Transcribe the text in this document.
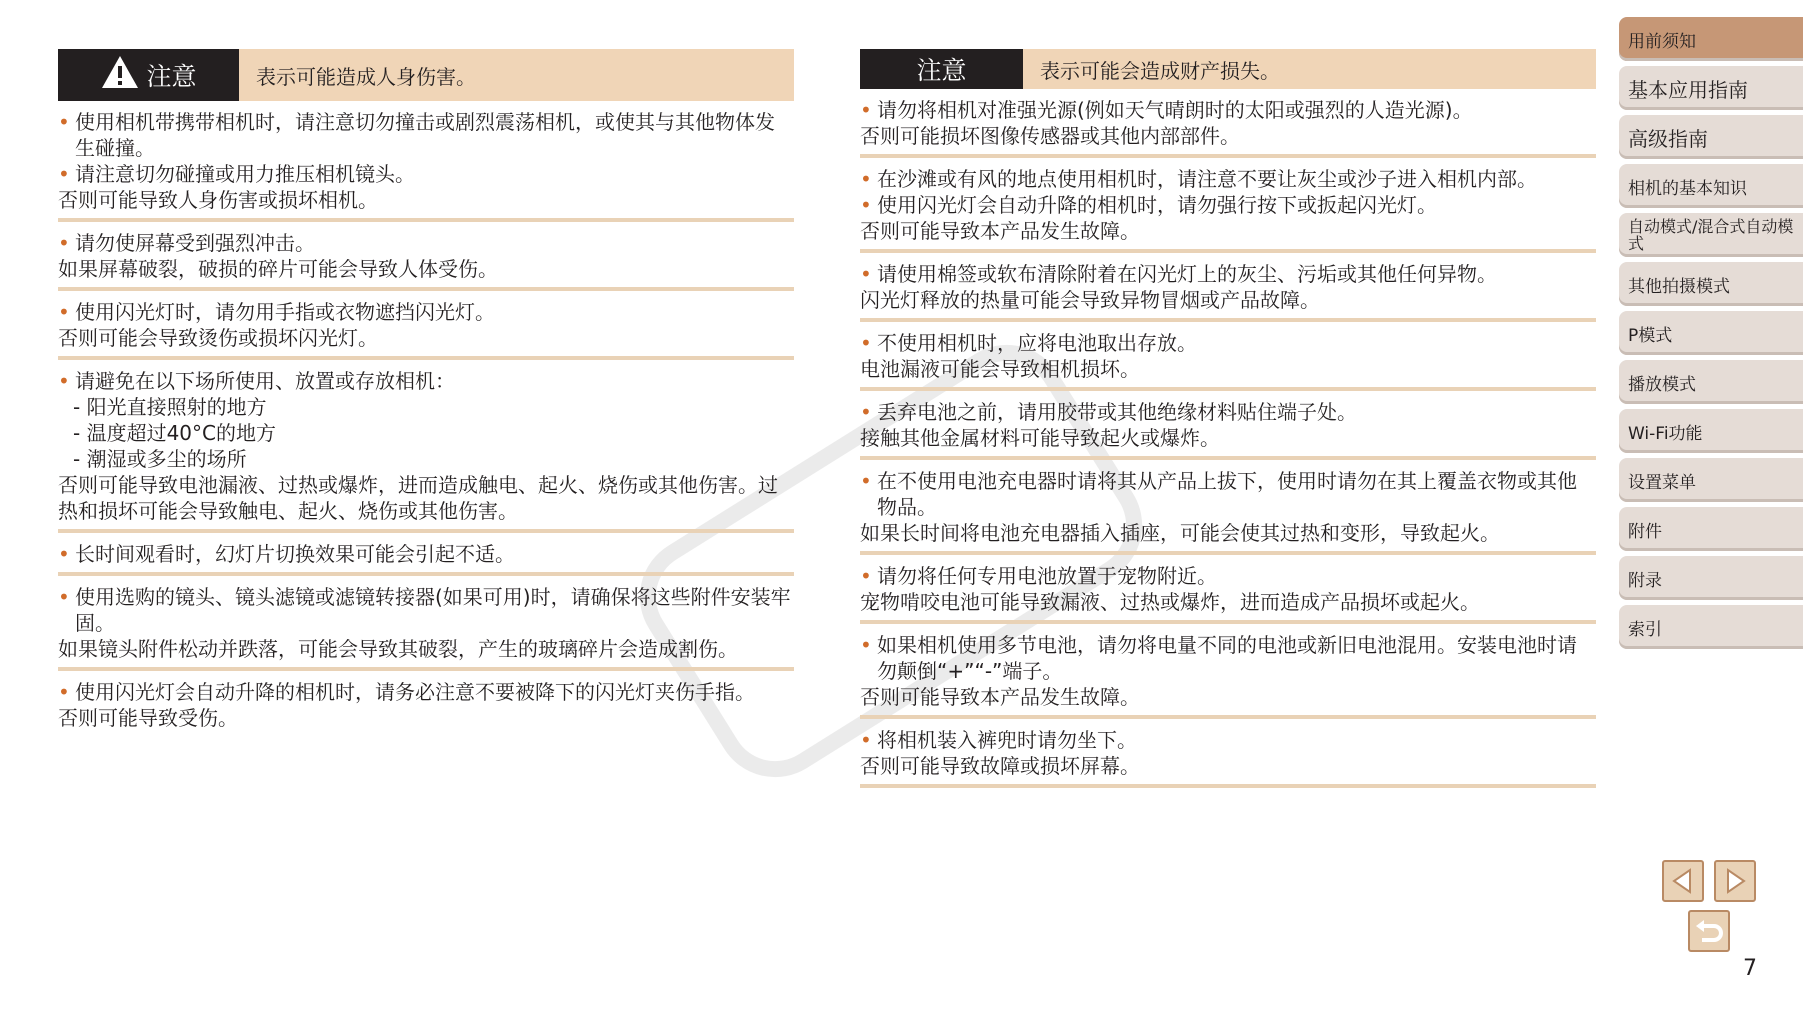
注意	表示可能造成人身伤害。
• 使用相机带携带相机时，请注意切勿撞击或剧烈震荡相机，或使其与其他物体发生碰撞。
• 请注意切勿碰撞或用力推压相机镜头。
否则可能导致人身伤害或损坏相机。
• 请勿使屏幕受到强烈冲击。
如果屏幕破裂，破损的碎片可能会导致人体受伤。
• 使用闪光灯时，请勿用手指或衣物遮挡闪光灯。
否则可能会导致烫伤或损坏闪光灯。
• 请避免在以下场所使用、放置或存放相机：
- 阳光直接照射的地方
- 温度超过40°C的地方
- 潮湿或多尘的场所
否则可能导致电池漏液、过热或爆炸，进而造成触电、起火、烧伤或其他伤害。过热和损坏可能会导致触电、起火、烧伤或其他伤害。
• 长时间观看时，幻灯片切换效果可能会引起不适。
• 使用选购的镜头、镜头滤镜或滤镜转接器(如果可用)时，请确保将这些附件安装牢固。
如果镜头附件松动并跌落，可能会导致其破裂，产生的玻璃碎片会造成割伤。
• 使用闪光灯会自动升降的相机时，请务必注意不要被降下的闪光灯夹伤手指。
否则可能导致受伤。
注意	表示可能会造成财产损失。
• 请勿将相机对准强光源(例如天气晴朗时的太阳或强烈的人造光源)。
否则可能损坏图像传感器或其他内部部件。
• 在沙滩或有风的地点使用相机时，请注意不要让灰尘或沙子进入相机内部。
• 使用闪光灯会自动升降的相机时，请勿强行按下或扳起闪光灯。
否则可能导致本产品发生故障。
• 请使用棉签或软布清除附着在闪光灯上的灰尘、污垢或其他任何异物。
闪光灯释放的热量可能会导致异物冒烟或产品故障。
• 不使用相机时，应将电池取出存放。
电池漏液可能会导致相机损坏。
• 丢弃电池之前，请用胶带或其他绝缘材料贴住端子处。
接触其他金属材料可能导致起火或爆炸。
• 在不使用电池充电器时请将其从产品上拔下，使用时请勿在其上覆盖衣物或其他物品。
如果长时间将电池充电器插入插座，可能会使其过热和变形，导致起火。
• 请勿将任何专用电池放置于宠物附近。
宠物啃咬电池可能导致漏液、过热或爆炸，进而造成产品损坏或起火。
• 如果相机使用多节电池，请勿将电量不同的电池或新旧电池混用。安装电池时请勿颠倒“+”“-”端子。
否则可能导致本产品发生故障。
• 将相机装入裤兜时请勿坐下。
否则可能导致故障或损坏屏幕。
用前须知
基本应用指南
高级指南
相机的基本知识
自动模式/混合式自动模式
其他拍摄模式
P模式
播放模式
Wi-Fi功能
设置菜单
附件
附录
索引
7
